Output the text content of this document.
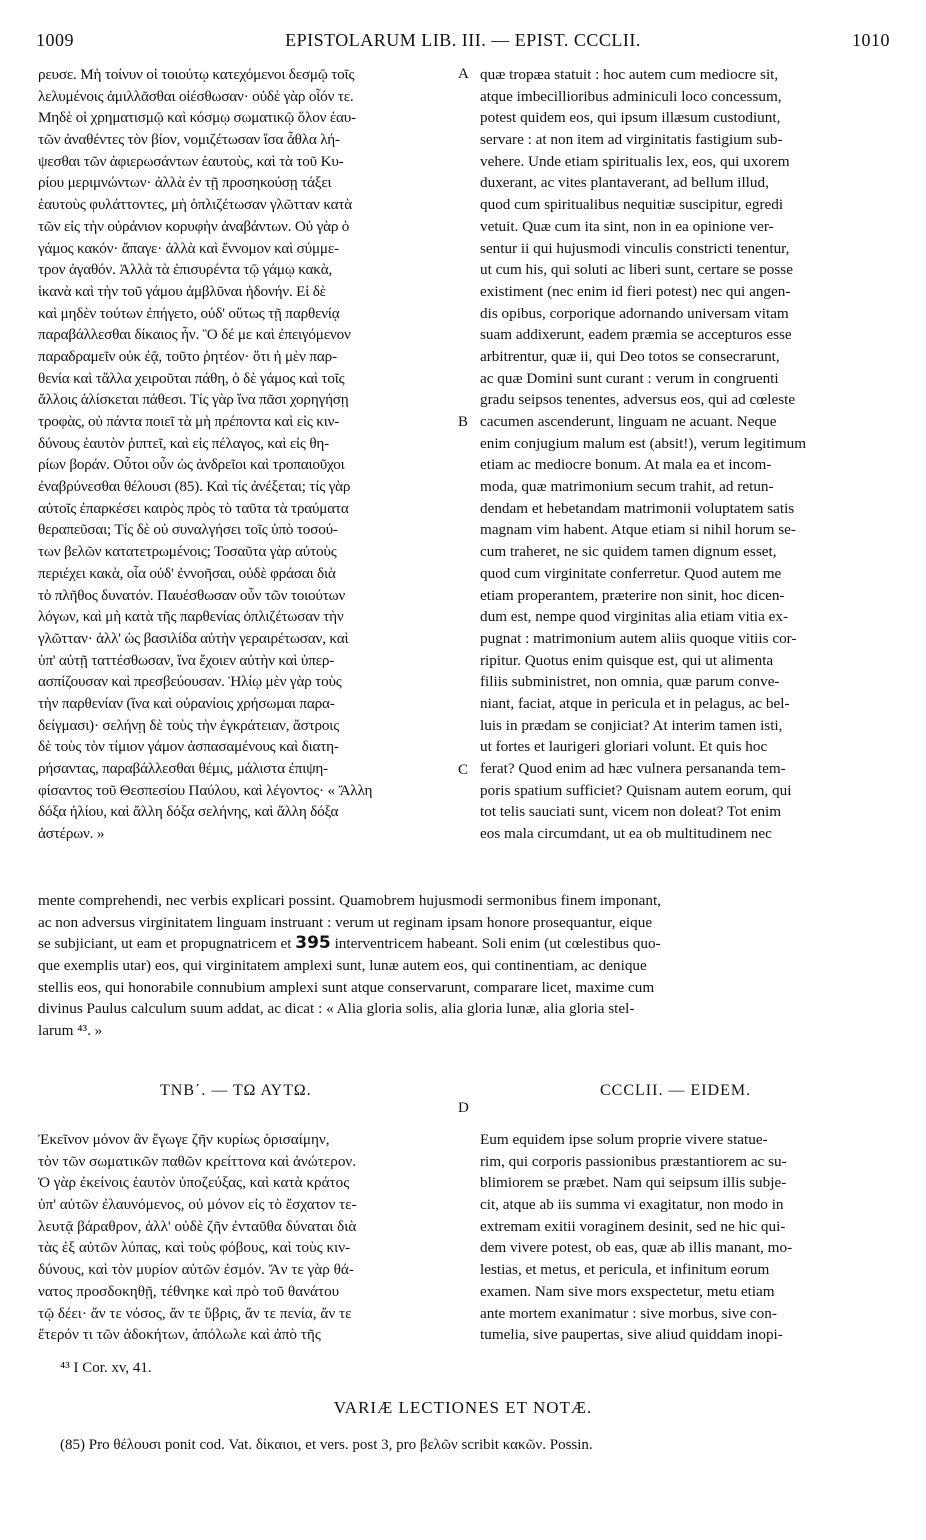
1009	EPISTOLARUM LIB. III. — EPIST. CCCLII.	1010
A
B
C
D
ρευσε. Μὴ τοίνυν οἱ τοιούτῳ κατεχόμενοι δεσμῷ τοῖς
λελυμένοις ἁμιλλᾶσθαι οἰέσθωσαν· οὐδὲ γὰρ οἷόν τε.
Μηδὲ οἱ χρηματισμῷ καὶ κόσμῳ σωματικῷ ὅλον ἑαυ-
τῶν ἀναθέντες τὸν βίον, νομιζέτωσαν ἴσα ἆθλα λή-
ψεσθαι τῶν ἀφιερωσάντων ἑαυτοὺς, καὶ τὰ τοῦ Κυ-
ρίου μεριμνώντων· ἀλλὰ ἐν τῇ προσηκούσῃ τάξει
ἑαυτοὺς φυλάττοντες, μὴ ὁπλιζέτωσαν γλῶτταν κατὰ
τῶν εἰς τὴν οὐράνιον κορυφὴν ἀναβάντων. Οὐ γὰρ ὁ
γάμος κακόν· ἄπαγε· ἀλλὰ καὶ ἔννομον καὶ σύμμε-
τρον ἀγαθόν. Ἀλλὰ τὰ ἐπισυρέντα τῷ γάμῳ κακὰ,
ἱκανὰ καὶ τὴν τοῦ γάμου ἀμβλῦναι ἡδονήν. Εἰ δὲ
καὶ μηδὲν τούτων ἐπήγετο, οὐδ' οὕτως τῇ παρθενίᾳ
παραβάλλεσθαι δίκαιος ἦν. Ὃ δέ με καὶ ἐπειγόμενον
παραδραμεῖν οὐκ ἐᾷ, τοῦτο ῥητέον· ὅτι ἡ μὲν παρ-
θενία καὶ τἄλλα χειροῦται πάθη, ὁ δὲ γάμος καὶ τοῖς
ἄλλοις ἁλίσκεται πάθεσι. Τίς γὰρ ἵνα πᾶσι χορηγήσῃ
τροφὰς, οὐ πάντα ποιεῖ τὰ μὴ πρέποντα καὶ εἰς κιν-
δύνους ἑαυτὸν ῥιπτεῖ, καὶ εἰς πέλαγος, καὶ εἰς θη-
ρίων βοράν. Οὗτοι οὖν ὡς ἀνδρεῖοι καὶ τροπαιοῦχοι
ἐναβρύνεσθαι θέλουσι (85). Καὶ τίς ἀνέξεται; τίς γὰρ
αὐτοῖς ἐπαρκέσει καιρὸς πρὸς τὸ ταῦτα τὰ τραύματα
θεραπεῦσαι; Τίς δὲ οὐ συναλγήσει τοῖς ὑπὸ τοσού-
των βελῶν κατατετρωμένοις; Τοσαῦτα γὰρ αὐτοὺς
περιέχει κακὰ, οἷα οὐδ' ἐννοῆσαι, οὐδὲ φράσαι διὰ
τὸ πλῆθος δυνατόν. Παυέσθωσαν οὖν τῶν τοιούτων
λόγων, καὶ μὴ κατὰ τῆς παρθενίας ὁπλιζέτωσαν τὴν
γλῶτταν· ἀλλ' ὡς βασιλίδα αὐτὴν γεραιρέτωσαν, καὶ
ὑπ' αὐτῇ ταττέσθωσαν, ἵνα ἔχοιεν αὐτὴν καὶ ὑπερ-
ασπίζουσαν καὶ πρεσβεύουσαν. Ἡλίῳ μὲν γὰρ τοὺς
τὴν παρθενίαν (ἵνα καὶ οὐρανίοις χρήσωμαι παρα-
δείγμασι)· σελήνῃ δὲ τοὺς τὴν ἐγκράτειαν, ἄστροις
δὲ τοὺς τὸν τίμιον γάμον ἀσπασαμένους καὶ διατη-
ρήσαντας, παραβάλλεσθαι θέμις, μάλιστα ἐπιψη-
φίσαντος τοῦ Θεσπεσίου Παύλου, καὶ λέγοντος· « Ἄλλη
δόξα ἡλίου, καὶ ἄλλη δόξα σελήνης, καὶ ἄλλη δόξα
ἀστέρων. »
quæ tropæa statuit : hoc autem cum mediocre sit,
atque imbecillioribus adminiculi loco concessum,
potest quidem eos, qui ipsum illæsum custodiunt,
servare : at non item ad virginitatis fastigium sub-
vehere. Unde etiam spiritualis lex, eos, qui uxorem
duxerant, ac vites plantaverant, ad bellum illud,
quod cum spiritualibus nequitiæ suscipitur, egredi
vetuit. Quæ cum ita sint, non in ea opinione ver-
sentur ii qui hujusmodi vinculis constricti tenentur,
ut cum his, qui soluti ac liberi sunt, certare se posse
existiment (nec enim id fieri potest) nec qui angen-
dis opibus, corporique adornando universam vitam
suam addixerunt, eadem præmia se accepturos esse
arbitrentur, quæ ii, qui Deo totos se consecrarunt,
ac quæ Domini sunt curant : verum in congruenti
gradu seipsos tenentes, adversus eos, qui ad cœleste
cacumen ascenderunt, linguam ne acuant. Neque
enim conjugium malum est (absit!), verum legitimum
etiam ac mediocre bonum. At mala ea et incom-
moda, quæ matrimonium secum trahit, ad retun-
dendam et hebetandam matrimonii voluptatem satis
magnam vim habent. Atque etiam si nihil horum se-
cum traheret, ne sic quidem tamen dignum esset,
quod cum virginitate conferretur. Quod autem me
etiam properantem, præterire non sinit, hoc dicen-
dum est, nempe quod virginitas alia etiam vitia ex-
pugnat : matrimonium autem aliis quoque vitiis cor-
ripitur. Quotus enim quisque est, qui ut alimenta
filiis subministret, non omnia, quæ parum conve-
niant, faciat, atque in pericula et in pelagus, ac bel-
luis in prædam se conjiciat? At interim tamen isti,
ut fortes et laurigeri gloriari volunt. Et quis hoc
ferat? Quod enim ad hæc vulnera persananda tem-
poris spatium sufficiet? Quisnam autem eorum, qui
tot telis sauciati sunt, vicem non doleat? Tot enim
eos mala circumdant, ut ea ob multitudinem nec
mente comprehendi, nec verbis explicari possint. Quamobrem hujusmodi sermonibus finem imponant,
ac non adversus virginitatem linguam instruant : verum ut reginam ipsam honore prosequantur, eique
se subjiciant, ut eam et propugnatricem et 395 interventricem habeant. Soli enim (ut cœlestibus quo-
que exemplis utar) eos, qui virginitatem amplexi sunt, lunæ autem eos, qui continentiam, ac denique
stellis eos, qui honorabile connubium amplexi sunt atque conservarunt, comparare licet, maxime cum
divinus Paulus calculum suum addat, ac dicat : « Alia gloria solis, alia gloria lunæ, alia gloria stel-
larum ⁴³. »
ΤΝΒ΄. — ΤΩ ΑΥΤΩ.	CCCLII. — EIDEM.
Ἐκεῖνον μόνον ἂν ἔγωγε ζῆν κυρίως ὁρισαίμην,
τὸν τῶν σωματικῶν παθῶν κρείττονα καὶ ἀνώτερον.
Ὁ γὰρ ἐκείνοις ἑαυτὸν ὑποζεύξας, καὶ κατὰ κράτος
ὑπ' αὐτῶν ἐλαυνόμενος, οὐ μόνον εἰς τὸ ἔσχατον τε-
λευτᾷ βάραθρον, ἀλλ' οὐδὲ ζῆν ἐνταῦθα δύναται διὰ
τὰς ἐξ αὐτῶν λύπας, καὶ τοὺς φόβους, καὶ τοὺς κιν-
δύνους, καὶ τὸν μυρίον αὐτῶν ἐσμόν. Ἄν τε γὰρ θά-
νατος προσδοκηθῇ, τέθνηκε καὶ πρὸ τοῦ θανάτου
τῷ δέει· ἄν τε νόσος, ἄν τε ὕβρις, ἄν τε πενία, ἄν τε
ἕτερόν τι τῶν ἀδοκήτων, ἀπόλωλε καὶ ἀπὸ τῆς
Eum equidem ipse solum proprie vivere statue-
rim, qui corporis passionibus præstantiorem ac su-
blimiorem se præbet. Nam qui seipsum illis subje-
cit, atque ab iis summa vi exagitatur, non modo in
extremam exitii voraginem desinit, sed ne hic qui-
dem vivere potest, ob eas, quæ ab illis manant, mo-
lestias, et metus, et pericula, et infinitum eorum
examen. Nam sive mors exspectetur, metu etiam
ante mortem exanimatur : sive morbus, sive con-
tumelia, sive paupertas, sive aliud quiddam inopi-
⁴³ I Cor. xv, 41.
VARIÆ LECTIONES ET NOTÆ.
(85) Pro θέλουσι ponit cod. Vat. δίκαιοι, et vers. post 3, pro βελῶν scribit κακῶν. Possin.
